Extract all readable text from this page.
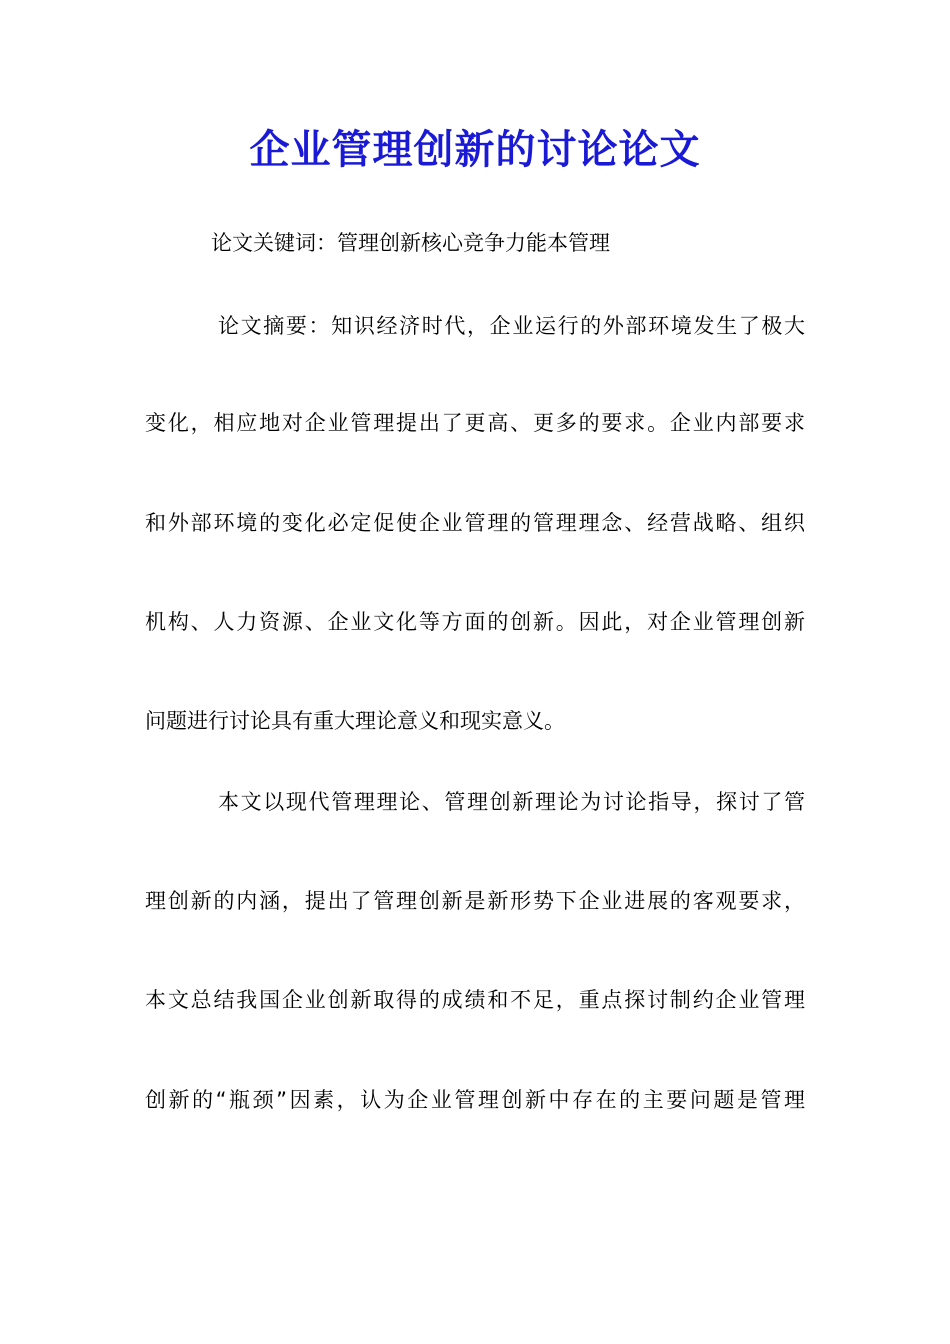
企业管理创新的讨论论文
论文关键词：管理创新核心竞争力能本管理
论文摘要：知识经济时代，企业运行的外部环境发生了极大
变化，相应地对企业管理提出了更高、更多的要求。企业内部要求
和外部环境的变化必定促使企业管理的管理理念、经营战略、组织
机构、人力资源、企业文化等方面的创新。因此，对企业管理创新
问题进行讨论具有重大理论意义和现实意义。
本文以现代管理理论、管理创新理论为讨论指导，探讨了管
理创新的内涵，提出了管理创新是新形势下企业进展的客观要求，
本文总结我国企业创新取得的成绩和不足，重点探讨制约企业管理
创新的“瓶颈”因素，认为企业管理创新中存在的主要问题是管理
